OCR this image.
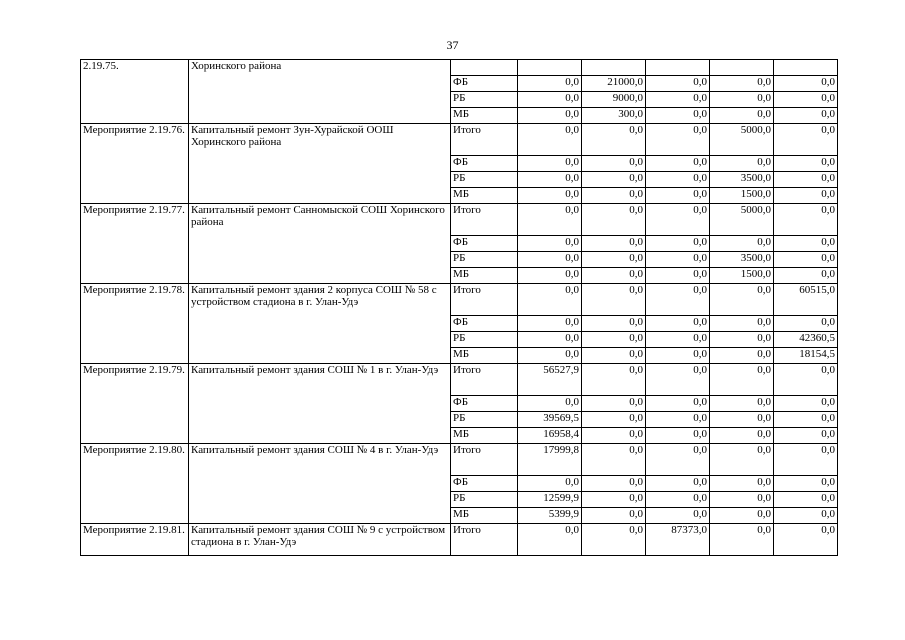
37
2.19.75.	Хоринского района						
		ФБ	0,0	21000,0	0,0	0,0	0,0
		РБ	0,0	9000,0	0,0	0,0	0,0
		МБ	0,0	300,0	0,0	0,0	0,0
Мероприятие 2.19.76.	Капитальный ремонт Зун-Хурайской ООШ Хоринского района	Итого	0,0	0,0	0,0	5000,0	0,0
		ФБ	0,0	0,0	0,0	0,0	0,0
		РБ	0,0	0,0	0,0	3500,0	0,0
		МБ	0,0	0,0	0,0	1500,0	0,0
Мероприятие 2.19.77.	Капитальный ремонт Санномыской СОШ Хоринского района	Итого	0,0	0,0	0,0	5000,0	0,0
		ФБ	0,0	0,0	0,0	0,0	0,0
		РБ	0,0	0,0	0,0	3500,0	0,0
		МБ	0,0	0,0	0,0	1500,0	0,0
Мероприятие 2.19.78.	Капитальный ремонт здания 2 корпуса СОШ № 58 с устройством стадиона в г. Улан-Удэ	Итого	0,0	0,0	0,0	0,0	60515,0
		ФБ	0,0	0,0	0,0	0,0	0,0
		РБ	0,0	0,0	0,0	0,0	42360,5
		МБ	0,0	0,0	0,0	0,0	18154,5
Мероприятие 2.19.79.	Капитальный ремонт здания СОШ № 1 в г. Улан-Удэ	Итого	56527,9	0,0	0,0	0,0	0,0
		ФБ	0,0	0,0	0,0	0,0	0,0
		РБ	39569,5	0,0	0,0	0,0	0,0
		МБ	16958,4	0,0	0,0	0,0	0,0
Мероприятие 2.19.80.	Капитальный ремонт здания СОШ № 4 в г. Улан-Удэ	Итого	17999,8	0,0	0,0	0,0	0,0
		ФБ	0,0	0,0	0,0	0,0	0,0
		РБ	12599,9	0,0	0,0	0,0	0,0
		МБ	5399,9	0,0	0,0	0,0	0,0
Мероприятие 2.19.81.	Капитальный ремонт здания СОШ № 9 с устройством стадиона в г. Улан-Удэ	Итого	0,0	0,0	87373,0	0,0	0,0
